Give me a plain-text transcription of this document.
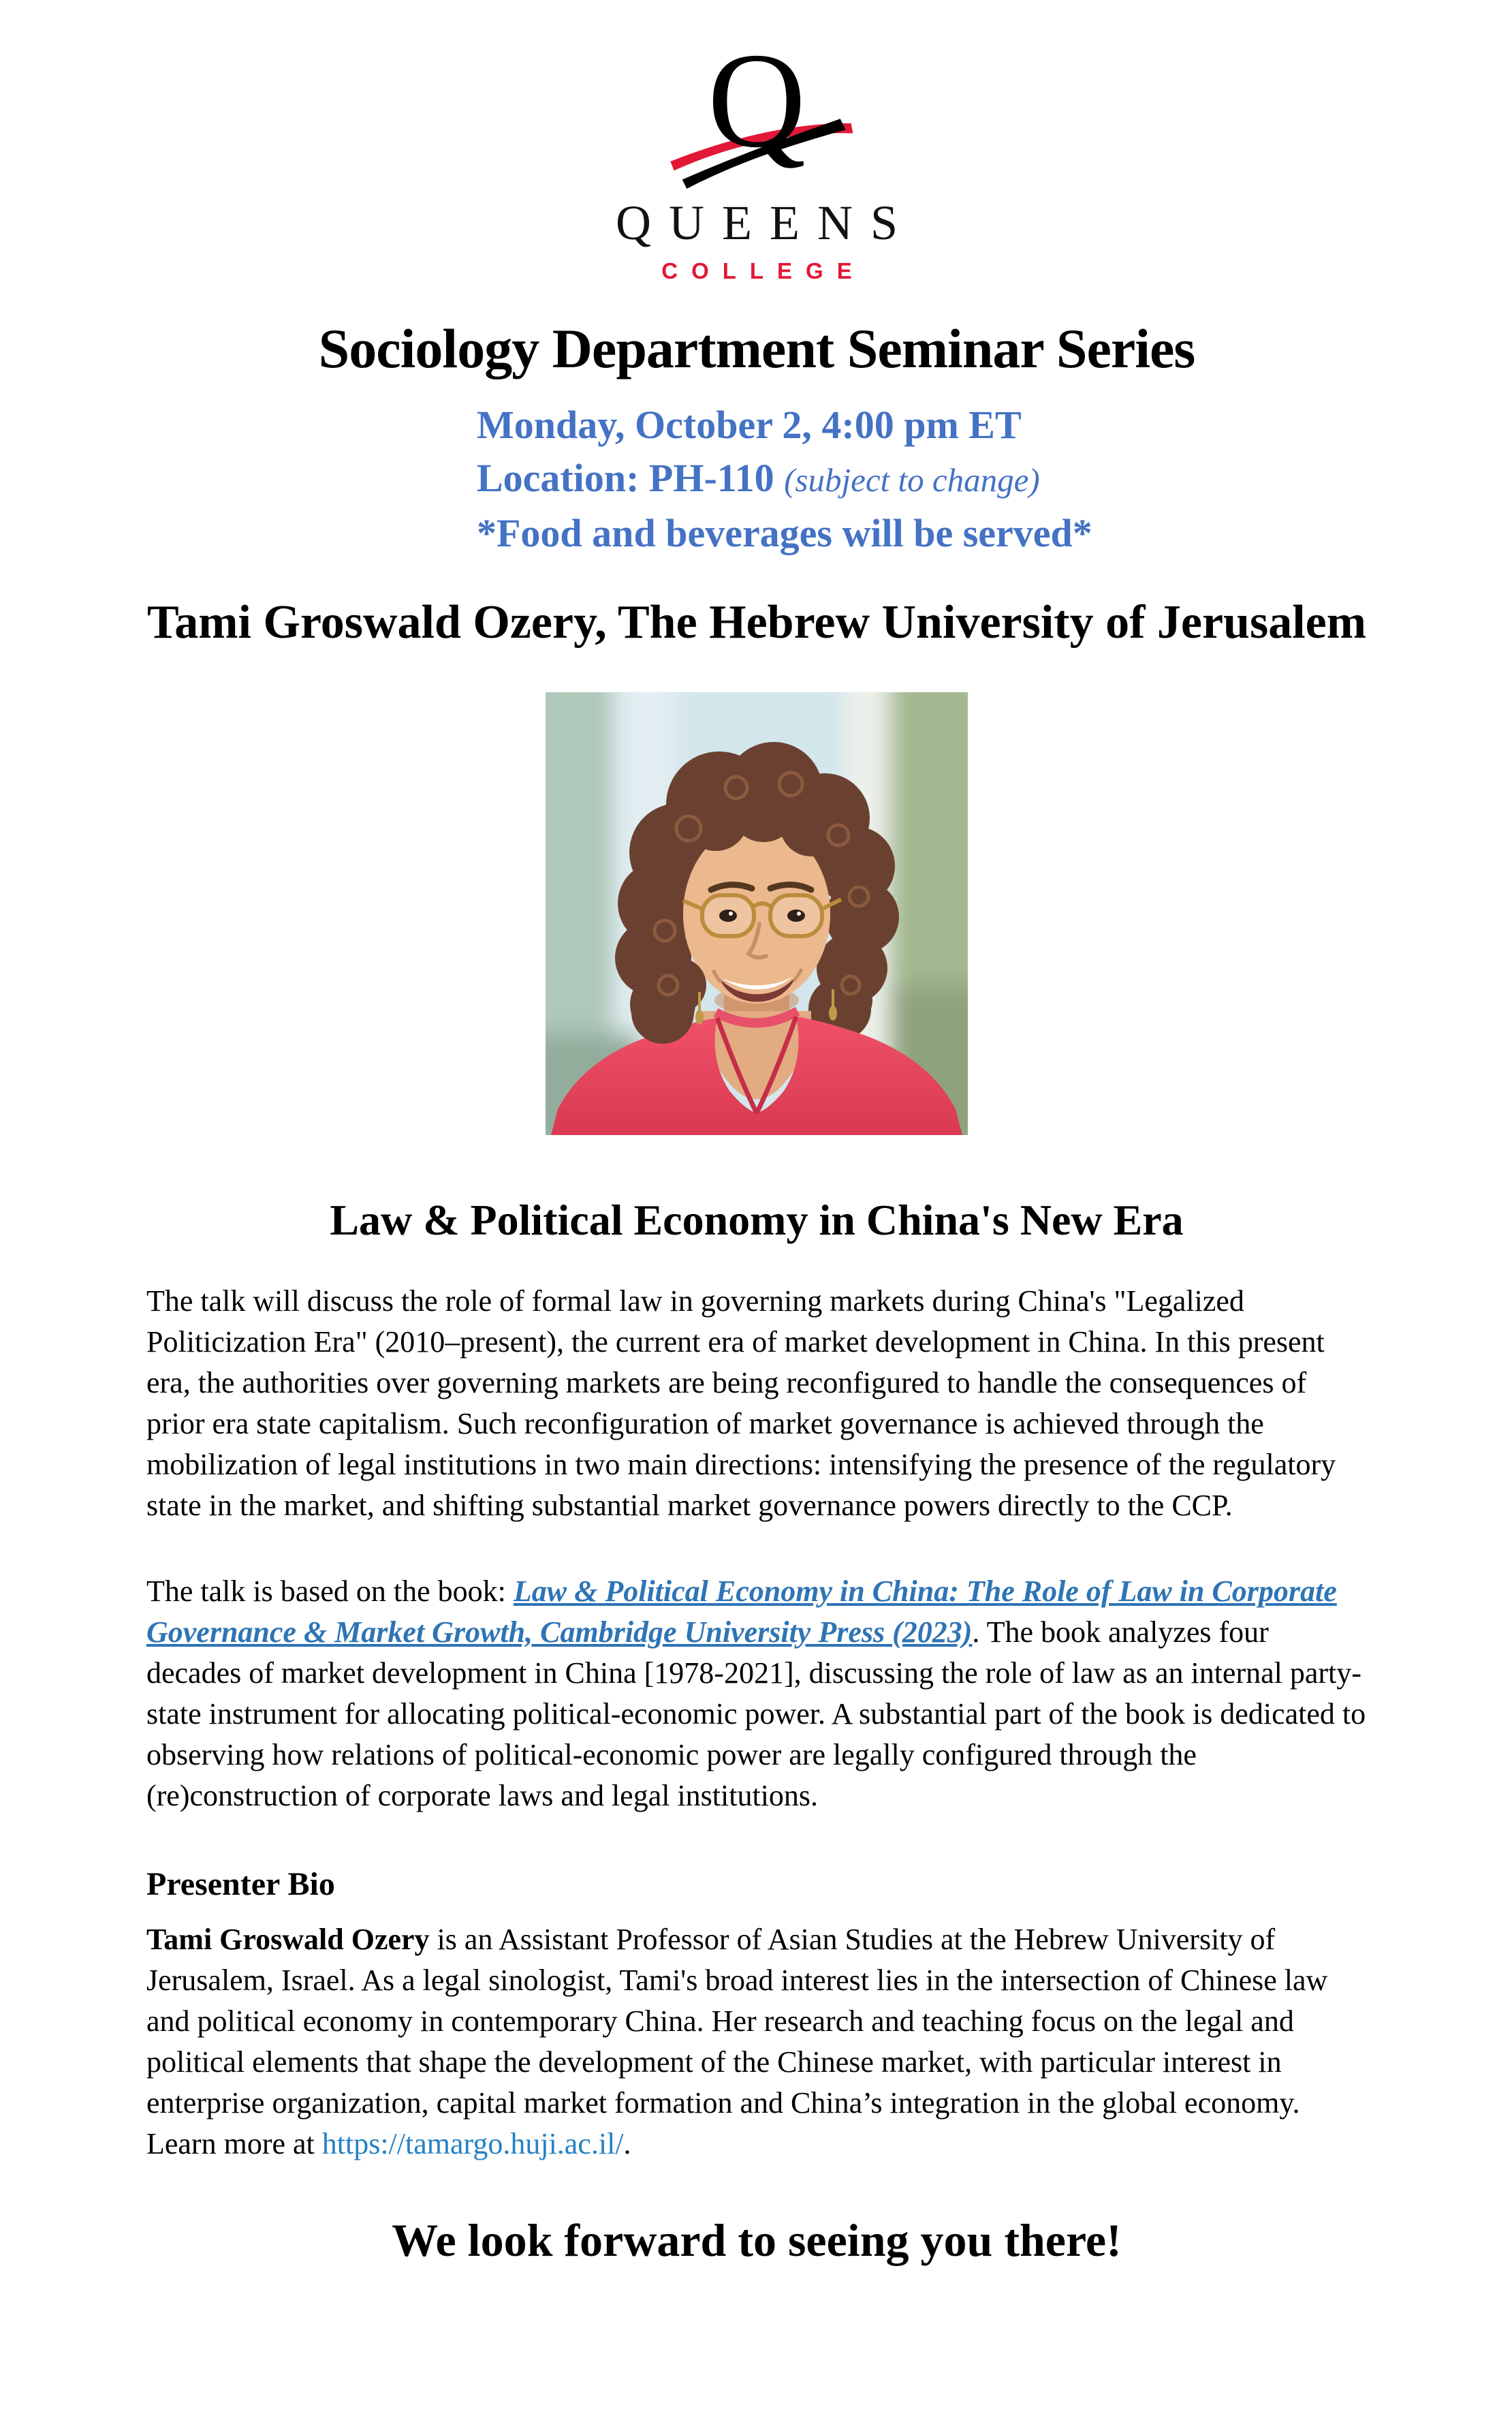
Q
QUEENS
COLLEGE
Sociology Department Seminar Series
Monday, October 2, 4:00 pm ET
Location: PH-110 (subject to change)
*Food and beverages will be served*
Tami Groswald Ozery, The Hebrew University of Jerusalem
Law & Political Economy in China's New Era

The talk will discuss the role of formal law in governing markets during China's "Legalized Politicization Era" (2010–present), the current era of market development in China. In this present era, the authorities over governing markets are being reconfigured to handle the consequences of prior era state capitalism. Such reconfiguration of market governance is achieved through the mobilization of legal institutions in two main directions: intensifying the presence of the regulatory state in the market, and shifting substantial market governance powers directly to the CCP.

The talk is based on the book: Law & Political Economy in China: The Role of Law in Corporate Governance & Market Growth, Cambridge University Press (2023). The book analyzes four decades of market development in China [1978-2021], discussing the role of law as an internal party-state instrument for allocating political-economic power. A substantial part of the book is dedicated to observing how relations of political-economic power are legally configured through the (re)construction of corporate laws and legal institutions.

Presenter Bio

Tami Groswald Ozery is an Assistant Professor of Asian Studies at the Hebrew University of Jerusalem, Israel. As a legal sinologist, Tami's broad interest lies in the intersection of Chinese law and political economy in contemporary China. Her research and teaching focus on the legal and political elements that shape the development of the Chinese market, with particular interest in enterprise organization, capital market formation and China’s integration in the global economy. Learn more at https://tamargo.huji.ac.il/.

We look forward to seeing you there!
